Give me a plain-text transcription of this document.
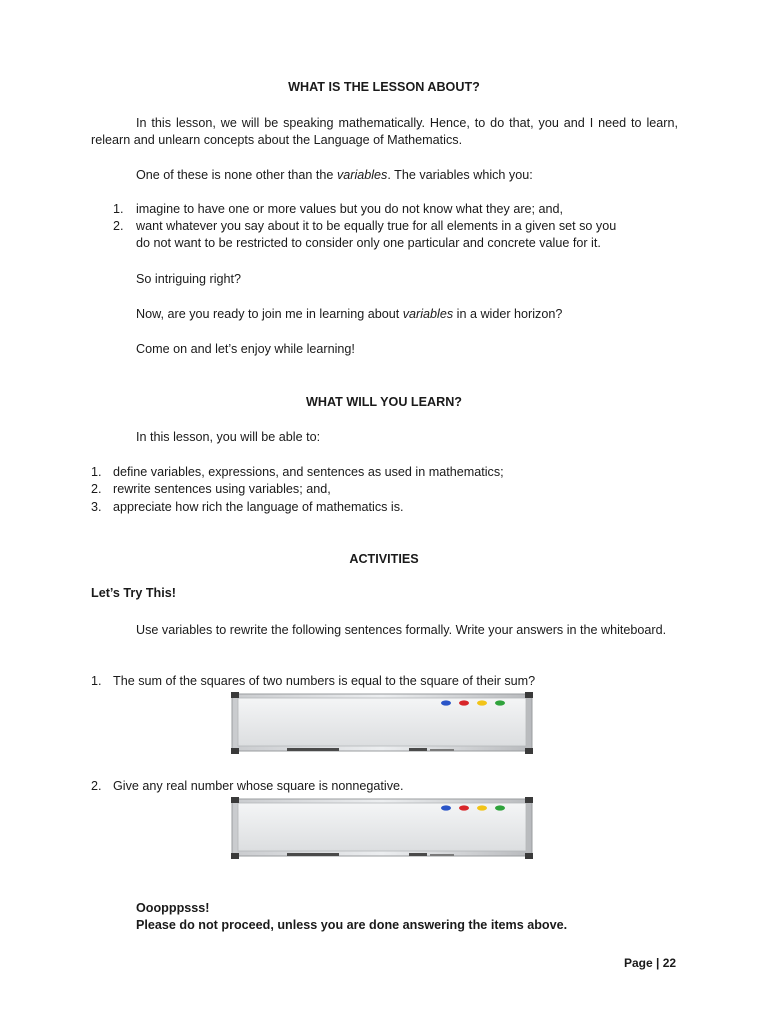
WHAT IS THE LESSON ABOUT?
In this lesson, we will be speaking mathematically. Hence, to do that, you and I need to learn, relearn and unlearn concepts about the Language of Mathematics.
One of these is none other than the variables. The variables which you:
1. imagine to have one or more values but you do not know what they are; and,
2. want whatever you say about it to be equally true for all elements in a given set so you
do not want to be restricted to consider only one particular and concrete value for it.
So intriguing right?
Now, are you ready to join me in learning about variables in a wider horizon?
Come on and let’s enjoy while learning!
WHAT WILL YOU LEARN?
In this lesson, you will be able to:
1. define variables, expressions, and sentences as used in mathematics;
2. rewrite sentences using variables; and,
3. appreciate how rich the language of mathematics is.
ACTIVITIES
Let’s Try This!
Use variables to rewrite the following sentences formally. Write your answers in the whiteboard.
1. The sum of the squares of two numbers is equal to the square of their sum?
2. Give any real number whose square is nonnegative.
Ooopppsss!
Please do not proceed, unless you are done answering the items above.
Page | 22
